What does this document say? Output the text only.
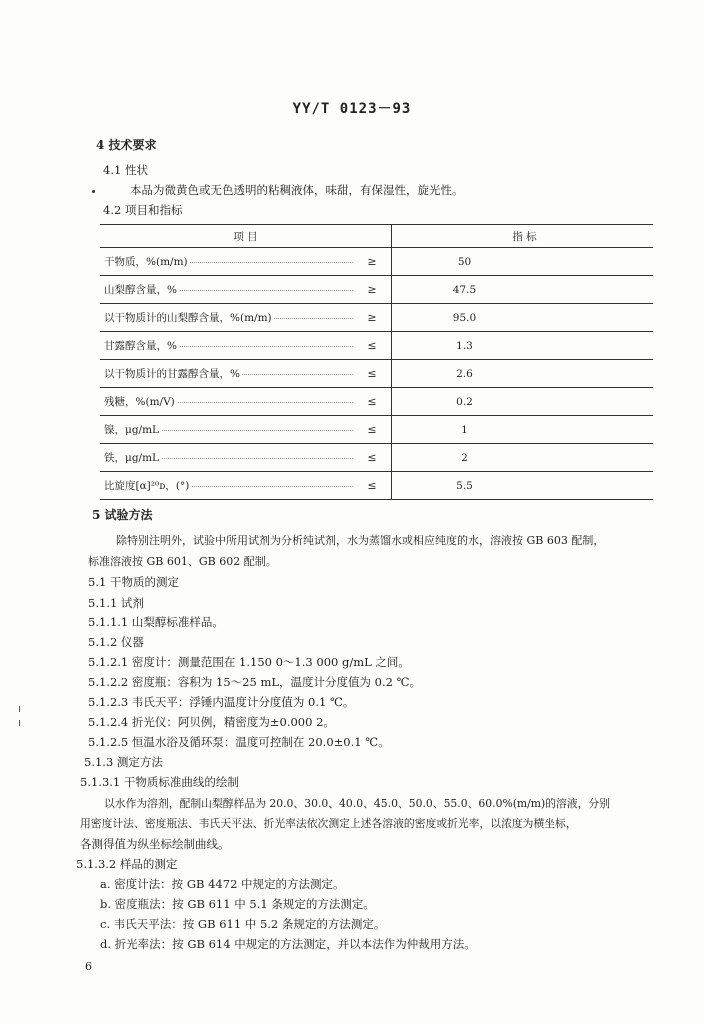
YY/T 0123－93
4 技术要求
4.1 性状
本品为微黄色或无色透明的粘稠液体，味甜，有保湿性，旋光性。
4.2 项目和指标
项 目		指 标

干物质，%(m/m)	≥	50

山梨醇含量，%	≥	47.5

以干物质计的山梨醇含量，%(m/m)	≥	95.0

甘露醇含量，%	≤	1.3

以干物质计的甘露醇含量，%	≤	2.6

残糖，%(m/V)	≤	0.2

镍，μg/mL	≤	1

铁，μg/mL	≤	2

比旋度[α]²⁰ᴅ，(°)	≤	5.5
5 试验方法
除特别注明外，试验中所用试剂为分析纯试剂，水为蒸馏水或相应纯度的水，溶液按 GB 603 配制，
标准溶液按 GB 601、GB 602 配制。
5.1 干物质的测定
5.1.1 试剂
5.1.1.1 山梨醇标准样品。
5.1.2 仪器
5.1.2.1 密度计：测量范围在 1.150 0～1.3 000 g/mL 之间。
5.1.2.2 密度瓶：容积为 15～25 mL，温度计分度值为 0.2 ℃。
5.1.2.3 韦氏天平：浮锤内温度计分度值为 0.1 ℃。
5.1.2.4 折光仪：阿贝例，精密度为±0.000 2。
5.1.2.5 恒温水浴及循环泵：温度可控制在 20.0±0.1 ℃。
5.1.3 测定方法
5.1.3.1 干物质标准曲线的绘制
以水作为溶剂，配制山梨醇样品为 20.0、30.0、40.0、45.0、50.0、55.0、60.0%(m/m)的溶液，分别
用密度计法、密度瓶法、韦氏天平法、折光率法依次测定上述各溶液的密度或折光率，以浓度为横坐标，
各测得值为纵坐标绘制曲线。
5.1.3.2 样品的测定
a. 密度计法：按 GB 4472 中规定的方法测定。
b. 密度瓶法：按 GB 611 中 5.1 条规定的方法测定。
c. 韦氏天平法：按 GB 611 中 5.2 条规定的方法测定。
d. 折光率法：按 GB 614 中规定的方法测定，并以本法作为仲裁用方法。
6
